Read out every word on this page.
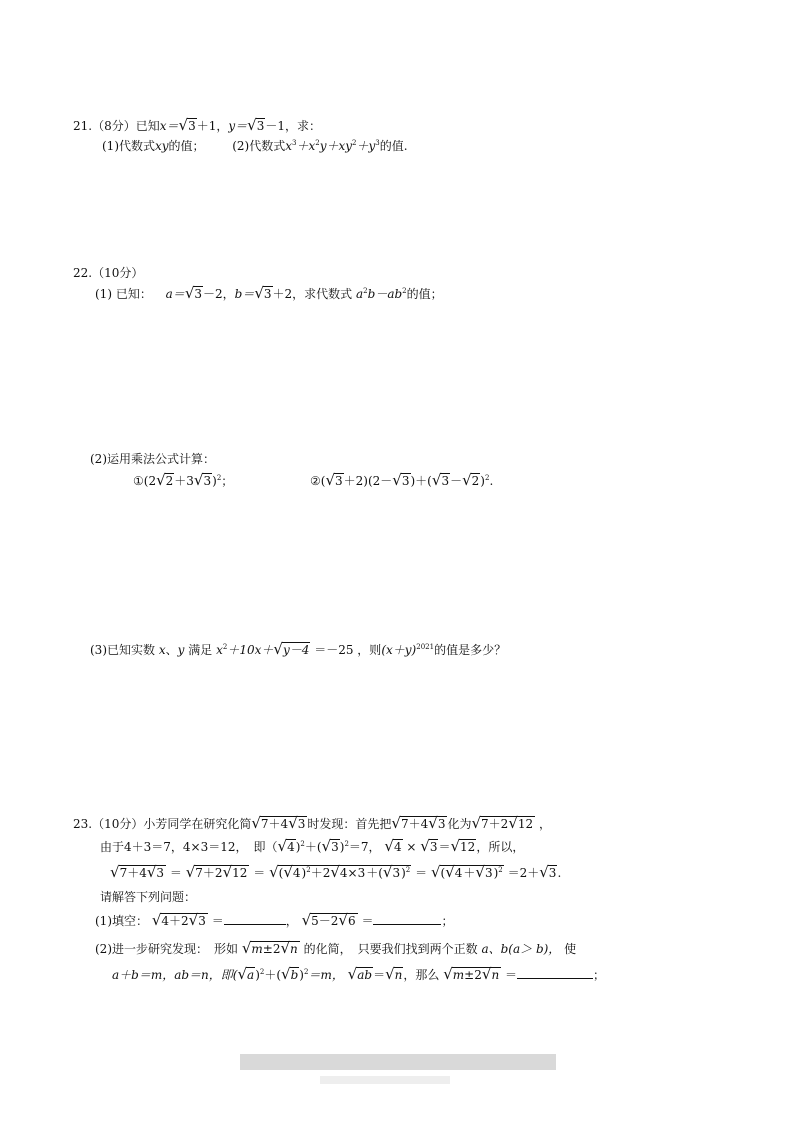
21.（8分）已知x＝√3＋1，y＝√3－1，求：
(1)代数式xy的值； (2)代数式$x^3+x^2y+xy^2+y^3$的值.
22.（10分）
(1) 已知： a＝√3－2，b＝√3＋2，求代数式 $a^2b-ab^2$的值；
(2)运用乘法公式计算：
$①(2√2+3√3)^2$；	$②(√3+2)(2-√3)+(√3-√2)^2$.
(3)已知实数 x、y 满足 $x^2+10x+√y-4 =-25$ ，则$(x+y)^{2021}$的值是多少？
23.（10分）小芳同学在研究化简√7＋4√3 时发现：首先把√7＋4√3 化为√7＋2√12 ，
由于4＋3＝7，4×3＝12，　即$(√4)^2+(√3)^2=7$， √4 × √3＝√12，所以，
$√7+4√3 = √7+2√12 = √(√4)^2+2√4\times 3+(√3)^2 = √(√4+√3)^2 =2+√3$.
请解答下列问题：
(1)填空： √4＋2√3 ＝	， √5－2√6 ＝	；
(2)进一步研究发现：　形如 √m±2√n 的化简，　只要我们找到两个正数 a、b(a＞ b)， 使
a＋b＝m，ab＝n，即$(√a)^2+(√b)^2=m$， √ab＝√n，那么 √m±2√n ＝	；
